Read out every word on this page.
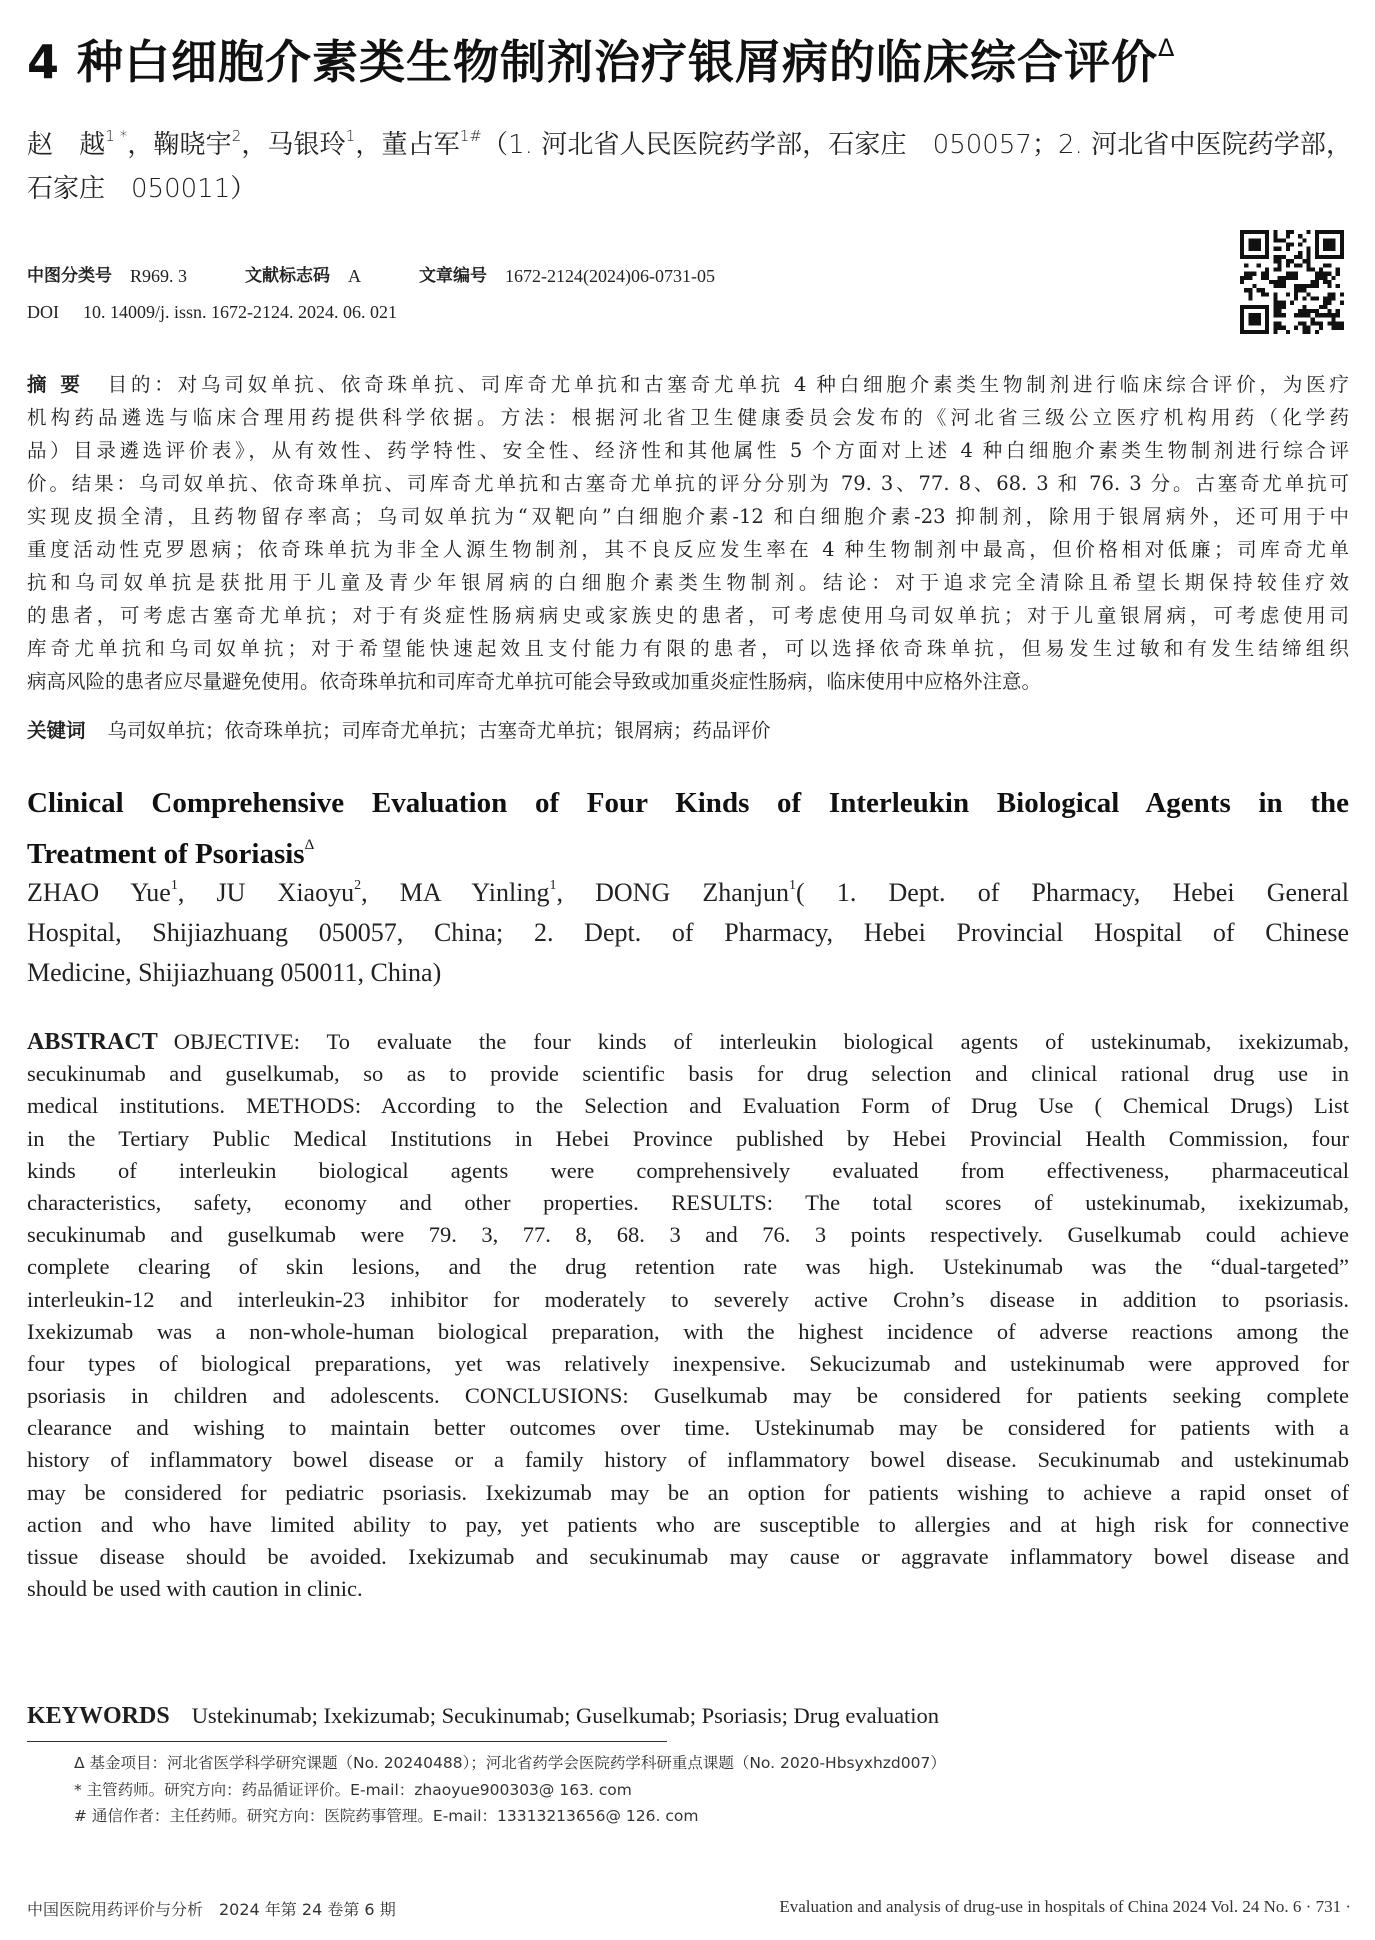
4 种白细胞介素类生物制剂治疗银屑病的临床综合评价$^\Delta$
赵　越$^{1 *}$，鞠晓宇$^2$，马银玲$^1$，董占军$^{1\#}$（1. 河北省人民医院药学部，石家庄　050057；2. 河北省中医院药学部，
石家庄　050011）
中图分类号 R969. 3	文献标志码 A	文章编号 1672-2124(2024)06-0731-05
DOI 10. 14009/j. issn. 1672-2124. 2024. 06. 021
摘要 目的：对乌司奴单抗、依奇珠单抗、司库奇尤单抗和古塞奇尤单抗 4 种白细胞介素类生物制剂进行临床综合评价，为医疗
机构药品遴选与临床合理用药提供科学依据。方法：根据河北省卫生健康委员会发布的《河北省三级公立医疗机构用药（化学药
品）目录遴选评价表》，从有效性、药学特性、安全性、经济性和其他属性 5 个方面对上述 4 种白细胞介素类生物制剂进行综合评
价。结果：乌司奴单抗、依奇珠单抗、司库奇尤单抗和古塞奇尤单抗的评分分别为 79. 3、77. 8、68. 3 和 76. 3 分。古塞奇尤单抗可
实现皮损全清，且药物留存率高；乌司奴单抗为“双靶向”白细胞介素-12 和白细胞介素-23 抑制剂，除用于银屑病外，还可用于中
重度活动性克罗恩病；依奇珠单抗为非全人源生物制剂，其不良反应发生率在 4 种生物制剂中最高，但价格相对低廉；司库奇尤单
抗和乌司奴单抗是获批用于儿童及青少年银屑病的白细胞介素类生物制剂。结论：对于追求完全清除且希望长期保持较佳疗效
的患者，可考虑古塞奇尤单抗；对于有炎症性肠病病史或家族史的患者，可考虑使用乌司奴单抗；对于儿童银屑病，可考虑使用司
库奇尤单抗和乌司奴单抗；对于希望能快速起效且支付能力有限的患者，可以选择依奇珠单抗，但易发生过敏和有发生结缔组织
病高风险的患者应尽量避免使用。依奇珠单抗和司库奇尤单抗可能会导致或加重炎症性肠病，临床使用中应格外注意。
关键词 乌司奴单抗；依奇珠单抗；司库奇尤单抗；古塞奇尤单抗；银屑病；药品评价
Clinical Comprehensive Evaluation of Four Kinds of Interleukin Biological Agents in the
Treatment of Psoriasis$^\Delta$
ZHAO Yue$^1$, JU Xiaoyu$^2$, MA Yinling$^1$, DONG Zhanjun$^1$( 1. Dept. of Pharmacy, Hebei General
Hospital, Shijiazhuang 050057, China; 2. Dept. of Pharmacy, Hebei Provincial Hospital of Chinese
Medicine, Shijiazhuang 050011, China)
ABSTRACT OBJECTIVE: To evaluate the four kinds of interleukin biological agents of ustekinumab, ixekizumab,
secukinumab and guselkumab, so as to provide scientific basis for drug selection and clinical rational drug use in
medical institutions. METHODS: According to the Selection and Evaluation Form of Drug Use ( Chemical Drugs) List
in the Tertiary Public Medical Institutions in Hebei Province published by Hebei Provincial Health Commission, four
kinds of interleukin biological agents were comprehensively evaluated from effectiveness, pharmaceutical
characteristics, safety, economy and other properties. RESULTS: The total scores of ustekinumab, ixekizumab,
secukinumab and guselkumab were 79. 3, 77. 8, 68. 3 and 76. 3 points respectively. Guselkumab could achieve
complete clearing of skin lesions, and the drug retention rate was high. Ustekinumab was the “dual-targeted”
interleukin-12 and interleukin-23 inhibitor for moderately to severely active Crohn’s disease in addition to psoriasis.
Ixekizumab was a non-whole-human biological preparation, with the highest incidence of adverse reactions among the
four types of biological preparations, yet was relatively inexpensive. Sekucizumab and ustekinumab were approved for
psoriasis in children and adolescents. CONCLUSIONS: Guselkumab may be considered for patients seeking complete
clearance and wishing to maintain better outcomes over time. Ustekinumab may be considered for patients with a
history of inflammatory bowel disease or a family history of inflammatory bowel disease. Secukinumab and ustekinumab
may be considered for pediatric psoriasis. Ixekizumab may be an option for patients wishing to achieve a rapid onset of
action and who have limited ability to pay, yet patients who are susceptible to allergies and at high risk for connective
tissue disease should be avoided. Ixekizumab and secukinumab may cause or aggravate inflammatory bowel disease and
should be used with caution in clinic.
KEYWORDS Ustekinumab; Ixekizumab; Secukinumab; Guselkumab; Psoriasis; Drug evaluation
Δ 基金项目：河北省医学科学研究课题（No. 20240488）；河北省药学会医院药学科研重点课题（No. 2020-Hbsyxhzd007）
* 主管药师。研究方向：药品循证评价。E-mail：zhaoyue900303@ 163. com
# 通信作者：主任药师。研究方向：医院药事管理。E-mail：13313213656@ 126. com
中国医院用药评价与分析　2024 年第 24 卷第 6 期	Evaluation and analysis of drug-use in hospitals of China 2024 Vol. 24 No. 6 · 731 ·
